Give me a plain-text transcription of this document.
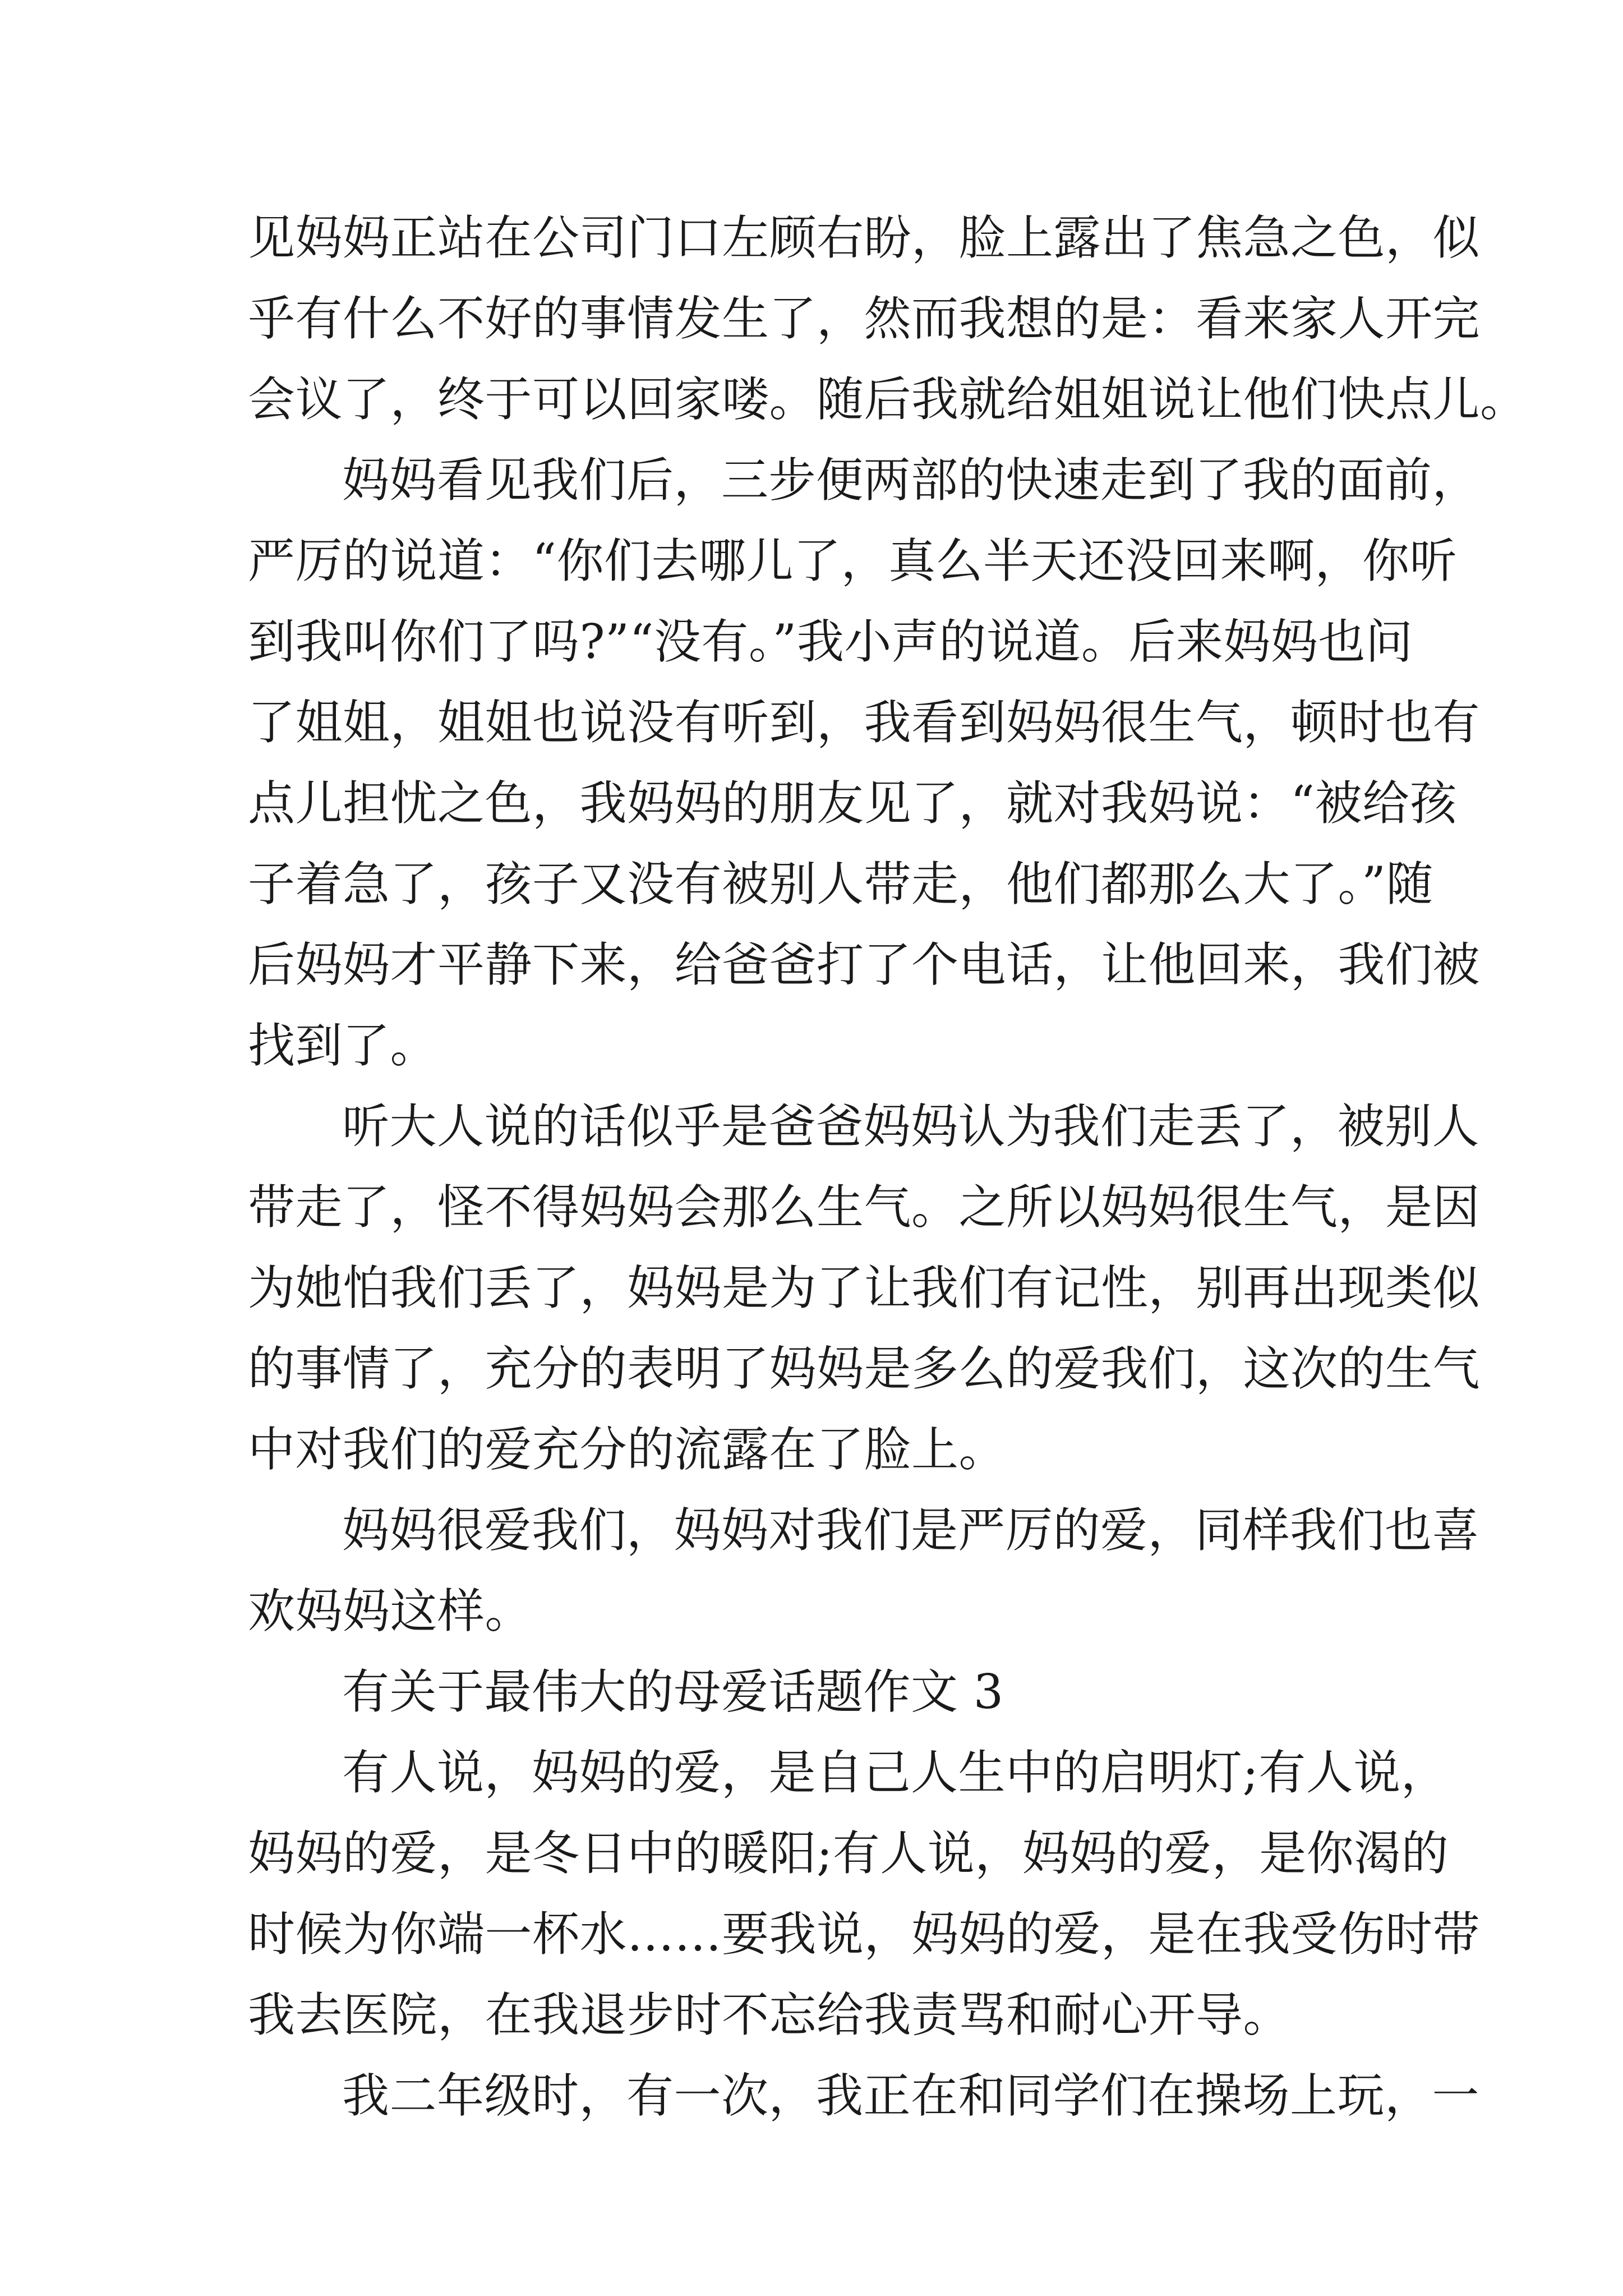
见妈妈正站在公司门口左顾右盼，脸上露出了焦急之色，似
乎有什么不好的事情发生了，然而我想的是：看来家人开完
会议了，终于可以回家喽。随后我就给姐姐说让他们快点儿。

妈妈看见我们后，三步便两部的快速走到了我的面前，
严厉的说道：“你们去哪儿了，真么半天还没回来啊，你听
到我叫你们了吗?”“没有。”我小声的说道。后来妈妈也问
了姐姐，姐姐也说没有听到，我看到妈妈很生气，顿时也有
点儿担忧之色，我妈妈的朋友见了，就对我妈说：“被给孩
子着急了，孩子又没有被别人带走，他们都那么大了。”随
后妈妈才平静下来，给爸爸打了个电话，让他回来，我们被
找到了。

听大人说的话似乎是爸爸妈妈认为我们走丢了，被别人
带走了，怪不得妈妈会那么生气。之所以妈妈很生气，是因
为她怕我们丢了，妈妈是为了让我们有记性，别再出现类似
的事情了，充分的表明了妈妈是多么的爱我们，这次的生气
中对我们的爱充分的流露在了脸上。

妈妈很爱我们，妈妈对我们是严厉的爱，同样我们也喜
欢妈妈这样。

有关于最伟大的母爱话题作文 3

有人说，妈妈的爱，是自己人生中的启明灯;有人说，
妈妈的爱，是冬日中的暖阳;有人说，妈妈的爱，是你渴的
时候为你端一杯水……要我说，妈妈的爱，是在我受伤时带
我去医院，在我退步时不忘给我责骂和耐心开导。

我二年级时，有一次，我正在和同学们在操场上玩，一
